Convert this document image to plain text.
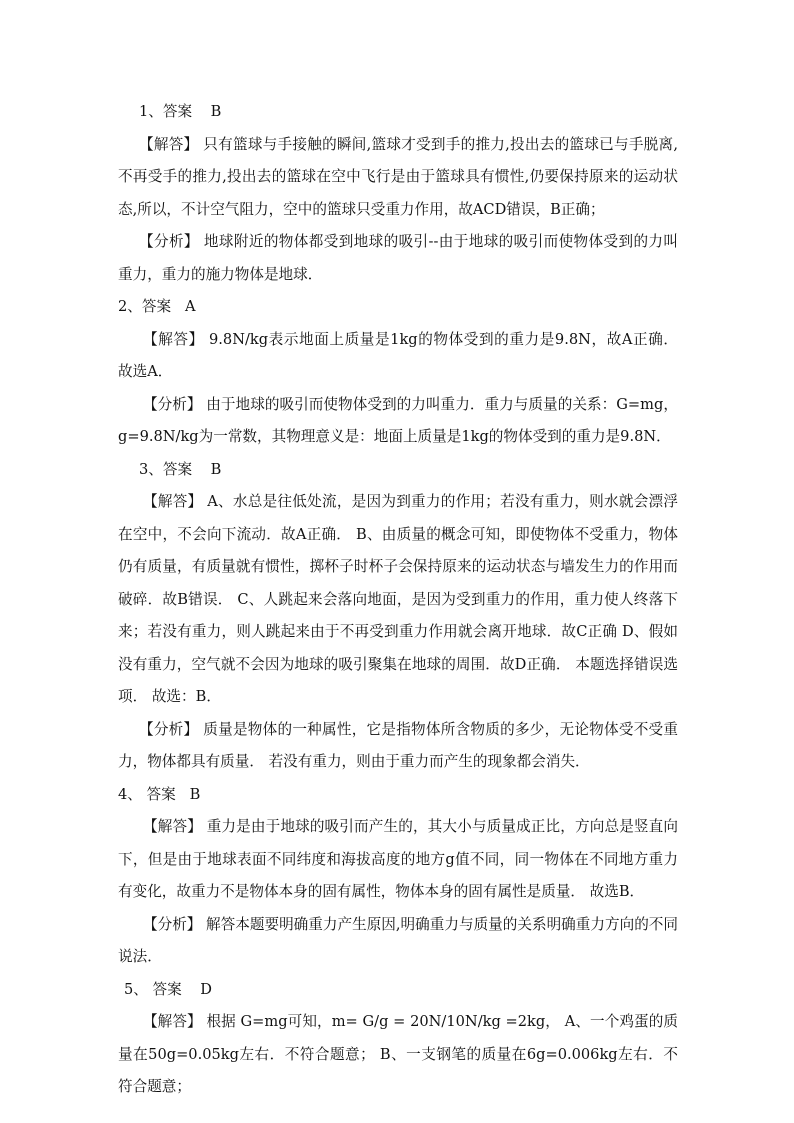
1、答案    B

【解答】 只有篮球与手接触的瞬间,篮球才受到手的推力,投出去的篮球已与手脱离,不再受手的推力,投出去的篮球在空中飞行是由于篮球具有惯性,仍要保持原来的运动状态,所以，不计空气阻力，空中的篮球只受重力作用，故ACD错误，B正确；

【分析】 地球附近的物体都受到地球的吸引--由于地球的吸引而使物体受到的力叫重力，重力的施力物体是地球．

2、答案   A

【解答】 9.8N/kg表示地面上质量是1kg的物体受到的重力是9.8N，故A正确． 故选A．

【分析】 由于地球的吸引而使物体受到的力叫重力．重力与质量的关系：G=mg，g=9.8N/kg为一常数，其物理意义是：地面上质量是1kg的物体受到的重力是9.8N．

3、答案    B

【解答】 A、水总是往低处流，是因为到重力的作用；若没有重力，则水就会漂浮在空中，不会向下流动．故A正确． B、由质量的概念可知，即使物体不受重力，物体仍有质量，有质量就有惯性，掷杯子时杯子会保持原来的运动状态与墙发生力的作用而破碎．故B错误． C、人跳起来会落向地面，是因为受到重力的作用，重力使人终落下来；若没有重力，则人跳起来由于不再受到重力作用就会离开地球．故C正确 D、假如没有重力，空气就不会因为地球的吸引聚集在地球的周围．故D正确． 本题选择错误选项． 故选：B．

【分析】 质量是物体的一种属性，它是指物体所含物质的多少，无论物体受不受重力，物体都具有质量． 若没有重力，则由于重力而产生的现象都会消失．

4、 答案   B

【解答】 重力是由于地球的吸引而产生的，其大小与质量成正比，方向总是竖直向下，但是由于地球表面不同纬度和海拔高度的地方g值不同，同一物体在不同地方重力有变化，故重力不是物体本身的固有属性，物体本身的固有属性是质量． 故选B．

【分析】 解答本题要明确重力产生原因,明确重力与质量的关系明确重力方向的不同说法．

5、 答案    D

【解答】 根据 G=mg可知，m= G/g = 20N/10N/kg =2kg， A、一个鸡蛋的质量在50g=0.05kg左右．不符合题意； B、一支钢笔的质量在6g=0.006kg左右．不符合题意；
